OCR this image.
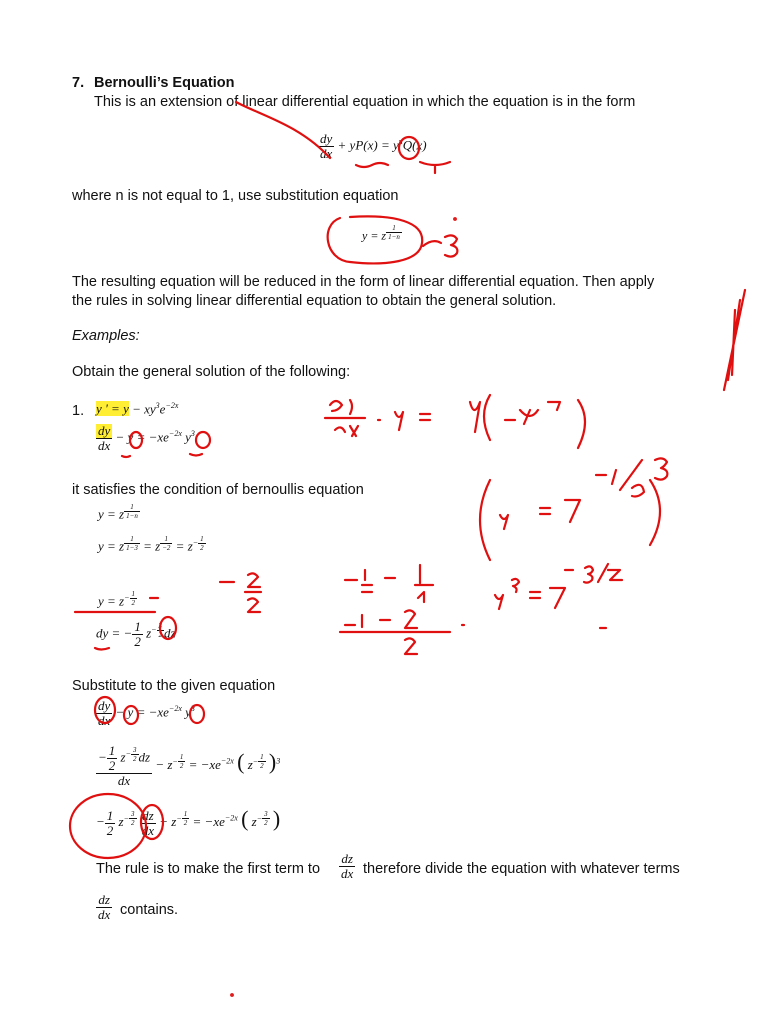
7. Bernoulli’s Equation
This is an extension of linear differential equation in which the equation is in the form
$\frac{dy}{dx} + yP(x) = y^nQ(x)$
where n is not equal to 1, use substitution equation
y = z $^{\frac{1}{1-n}}$
The resulting equation will be reduced in the form of linear differential equation. Then apply
the rules in solving linear differential equation to obtain the general solution.
Examples:
Obtain the general solution of the following:
1. y ' = $y - xy^3e^{-2x}$
$\frac{dy}{dx} - y = -xe^{-2x}$ $y^3$
it satisfies the condition of bernoullis equation
y = z $^{\frac{1}{1-n}}$
y = z $^{\frac{1}{1-3}}$ = z $^{\frac{1}{-2}} = z^{- \frac{1}{2}}$
$y = z^{- \frac{1}{2}}$
dy = − $\frac{1}{2} z^{- \frac{3}{2}}$ dz
Substitute to the given equation
$\frac{dy}{dx} - y = -xe^{-2x}$ $y^3$
− $\frac{1}{2} z^{- \frac{3}{2}}$ dz
dx − $z^{- \frac{1}{2}} = -xe^{-2x}$ ( $z^{- \frac{1}{2}}$ )$^3$
− $\frac{1}{2} z^{- \frac{3}{2}}$
$\frac{dz}{dx} - z^{- \frac{1}{2}} = -xe^{-2x}$ ( $z^{- \frac{3}{2}}$ )
The rule is to make the first term to $\frac{dz}{dx}$ therefore divide the equation with whatever terms
$\frac{dz}{dx}$ contains.
